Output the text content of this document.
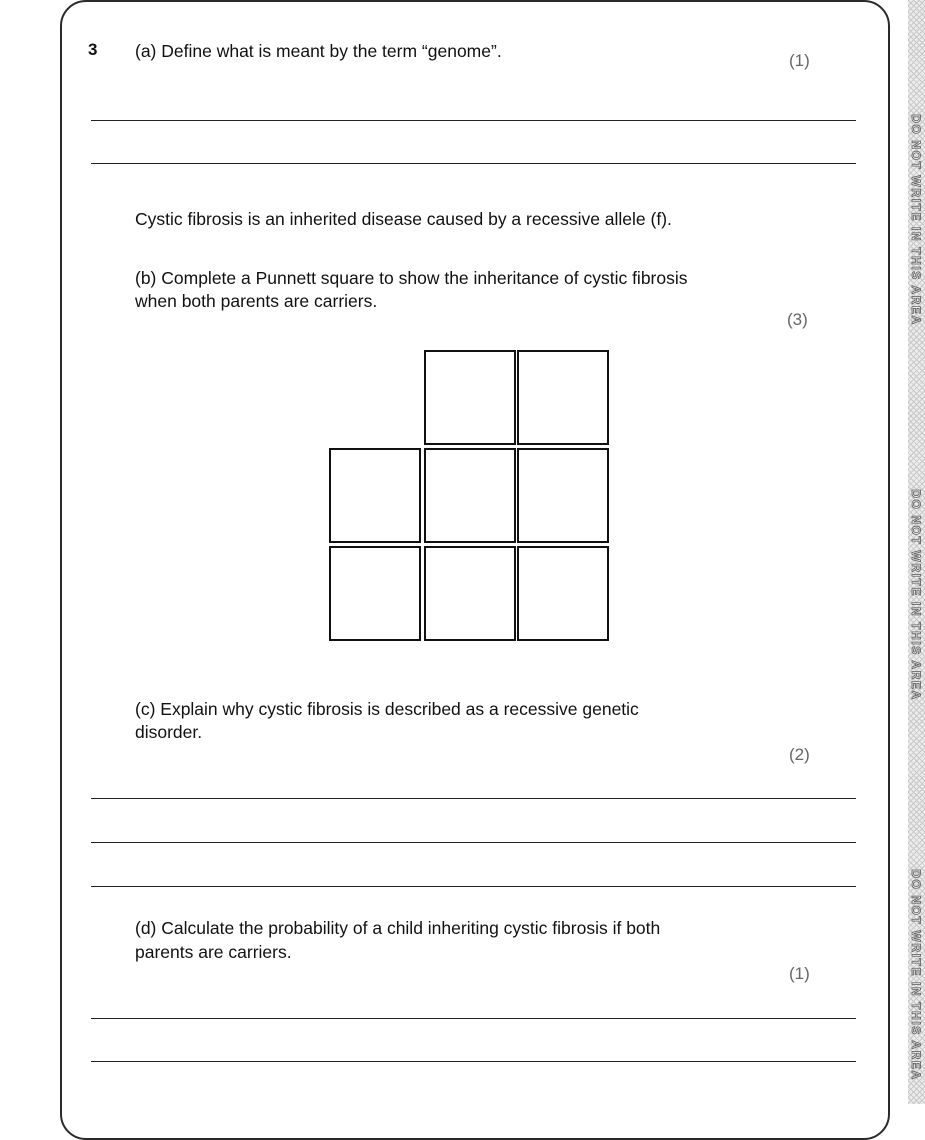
DO NOT WRITE IN THIS AREA
DO NOT WRITE IN THIS AREA
DO NOT WRITE IN THIS AREA
3 (a) Define what is meant by the term “genome”.	(1)
Cystic fibrosis is an inherited disease caused by a recessive allele (f).
(b) Complete a Punnett square to show the inheritance of cystic fibrosis
when both parents are carriers.
(3)
(c) Explain why cystic fibrosis is described as a recessive genetic
disorder.
(2)
(d) Calculate the probability of a child inheriting cystic fibrosis if both
parents are carriers.
(1)
